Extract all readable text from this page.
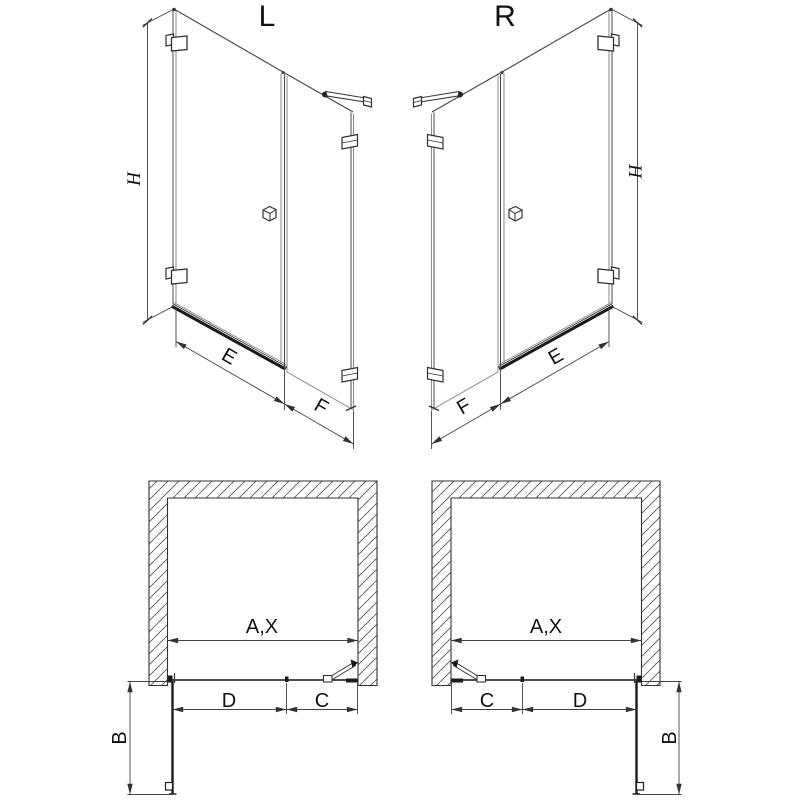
L	R
H
H
E
F
E
F
A,X
D	C
B
A,X
C	D
B
